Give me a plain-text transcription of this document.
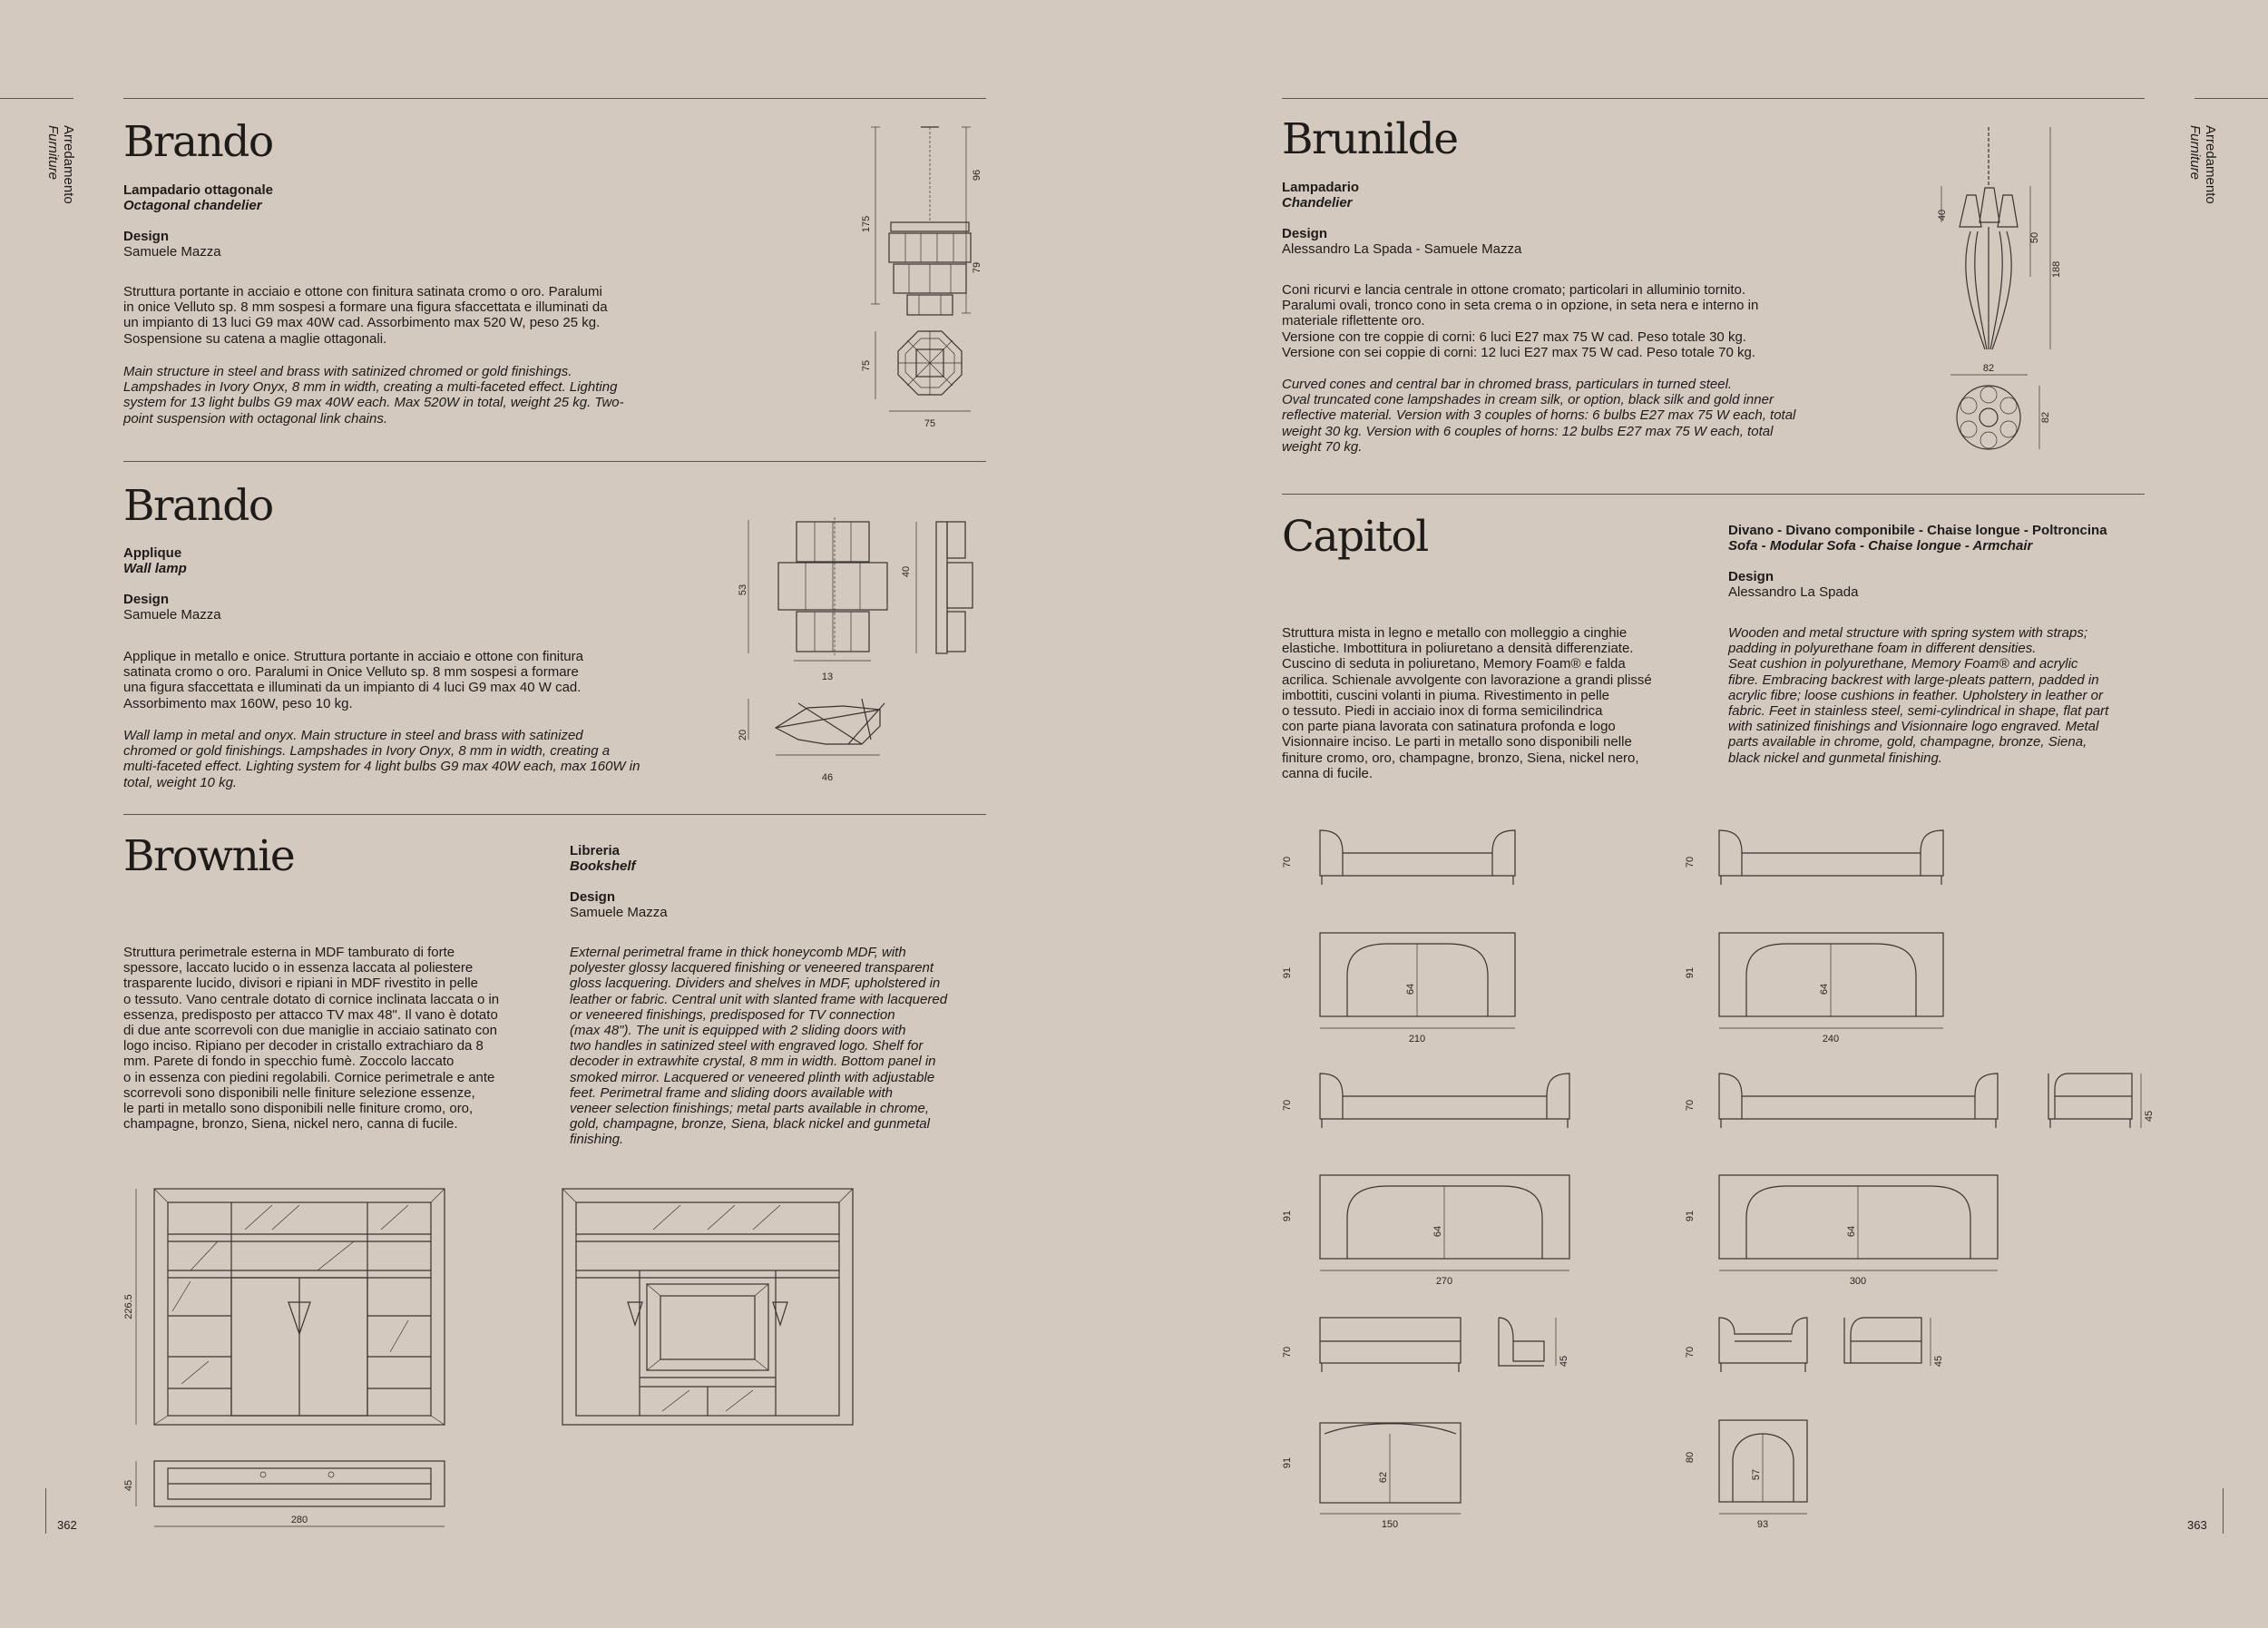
Arredamento
Furniture
362
Brando
Lampadario ottagonale
Octagonal chandelier
Design
Samuele Mazza
Struttura portante in acciaio e ottone con finitura satinata cromo o oro. Paralumi
in onice Velluto sp. 8 mm sospesi a formare una figura sfaccettata e illuminati da
un impianto di 13 luci G9 max 40W cad. Assorbimento max 520 W, peso 25 kg.
Sospensione su catena a maglie ottagonali.
Main structure in steel and brass with satinized chromed or gold finishings.
Lampshades in Ivory Onyx, 8 mm in width, creating a multi-faceted effect. Lighting
system for 13 light bulbs G9 max 40W each. Max 520W in total, weight 25 kg. Two-
point suspension with octagonal link chains.
175
96
79
75
75
Brando
Applique
Wall lamp
Design
Samuele Mazza
Applique in metallo e onice. Struttura portante in acciaio e ottone con finitura
satinata cromo o oro. Paralumi in Onice Velluto sp. 8 mm sospesi a formare
una figura sfaccettata e illuminati da un impianto di 4 luci G9 max 40 W cad.
Assorbimento max 160W, peso 10 kg.
Wall lamp in metal and onyx. Main structure in steel and brass with satinized
chromed or gold finishings. Lampshades in Ivory Onyx, 8 mm in width, creating a
multi-faceted effect. Lighting system for 4 light bulbs G9 max 40W each, max 160W in
total, weight 10 kg.
53
13
40
20
46
Brownie	Libreria
Bookshelf
Design
Samuele Mazza
Struttura perimetrale esterna in MDF tamburato di forte
spessore, laccato lucido o in essenza laccata al poliestere
trasparente lucido, divisori e ripiani in MDF rivestito in pelle
o tessuto. Vano centrale dotato di cornice inclinata laccata o in
essenza, predisposto per attacco TV max 48". Il vano è dotato
di due ante scorrevoli con due maniglie in acciaio satinato con
logo inciso. Ripiano per decoder in cristallo extrachiaro da 8
mm. Parete di fondo in specchio fumè. Zoccolo laccato
o in essenza con piedini regolabili. Cornice perimetrale e ante
scorrevoli sono disponibili nelle finiture selezione essenze,
le parti in metallo sono disponibili nelle finiture cromo, oro,
champagne, bronzo, Siena, nickel nero, canna di fucile.
External perimetral frame in thick honeycomb MDF, with
polyester glossy lacquered finishing or veneered transparent
gloss lacquering. Dividers and shelves in MDF, upholstered in
leather or fabric. Central unit with slanted frame with lacquered
or veneered finishings, predisposed for TV connection
(max 48"). The unit is equipped with 2 sliding doors with
two handles in satinized steel with engraved logo. Shelf for
decoder in extrawhite crystal, 8 mm in width. Bottom panel in
smoked mirror. Lacquered or veneered plinth with adjustable
feet. Perimetral frame and sliding doors available with
veneer selection finishings; metal parts available in chrome,
gold, champagne, bronze, Siena, black nickel and gunmetal
finishing.
226.5
45
280
Arredamento
Furniture
363
Brunilde
Lampadario
Chandelier
Design
Alessandro La Spada - Samuele Mazza
Coni ricurvi e lancia centrale in ottone cromato; particolari in alluminio tornito.
Paralumi ovali, tronco cono in seta crema o in opzione, in seta nera e interno in
materiale riflettente oro.
Versione con tre coppie di corni: 6 luci E27 max 75 W cad. Peso totale 30 kg.
Versione con sei coppie di corni: 12 luci E27 max 75 W cad. Peso totale 70 kg.
Curved cones and central bar in chromed brass, particulars in turned steel.
Oval truncated cone lampshades in cream silk, or option, black silk and gold inner
reflective material. Version with 3 couples of horns: 6 bulbs E27 max 75 W each, total
weight 30 kg. Version with 6 couples of horns: 12 bulbs E27 max 75 W each, total
weight 70 kg.
40
50
188
82
82
Capitol	Divano - Divano componibile - Chaise longue - Poltroncina
Sofa - Modular Sofa - Chaise longue - Armchair
Design
Alessandro La Spada
Struttura mista in legno e metallo con molleggio a cinghie
elastiche. Imbottitura in poliuretano a densità differenziate.
Cuscino di seduta in poliuretano, Memory Foam® e falda
acrilica. Schienale avvolgente con lavorazione a grandi plissé
imbottiti, cuscini volanti in piuma. Rivestimento in pelle
o tessuto. Piedi in acciaio inox di forma semicilindrica
con parte piana lavorata con satinatura profonda e logo
Visionnaire inciso. Le parti in metallo sono disponibili nelle
finiture cromo, oro, champagne, bronzo, Siena, nickel nero,
canna di fucile.
Wooden and metal structure with spring system with straps;
padding in polyurethane foam in different densities.
Seat cushion in polyurethane, Memory Foam® and acrylic
fibre. Embracing backrest with large-pleats pattern, padded in
acrylic fibre; loose cushions in feather. Upholstery in leather or
fabric. Feet in stainless steel, semi-cylindrical in shape, flat part
with satinized finishings and Visionnaire logo engraved. Metal
parts available in chrome, gold, champagne, bronze, Siena,
black nickel and gunmetal finishing.
70	70
91
64
210
91
64
240
70	70
45
91
64
270
91
64
300
70
45
70
45
91
62
150
80
57
93
